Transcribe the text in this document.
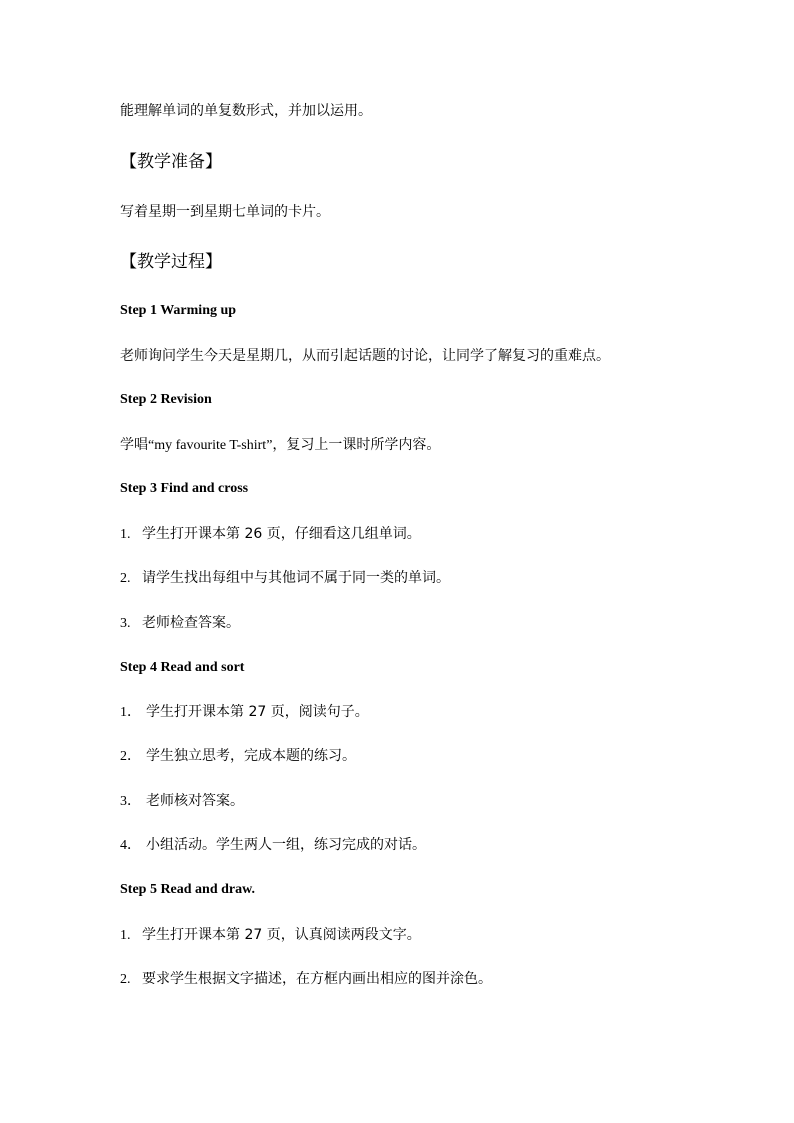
能理解单词的单复数形式，并加以运用。
【教学准备】
写着星期一到星期七单词的卡片。
【教学过程】
Step 1 Warming up
老师询问学生今天是星期几，从而引起话题的讨论，让同学了解复习的重难点。
Step 2 Revision
学唱“my favourite T-shirt”，复习上一课时所学内容。
Step 3 Find and cross
1. 学生打开课本第 26 页，仔细看这几组单词。
2. 请学生找出每组中与其他词不属于同一类的单词。
3. 老师检查答案。
Step 4 Read and sort
1． 学生打开课本第 27 页，阅读句子。
2． 学生独立思考，完成本题的练习。
3． 老师核对答案。
4． 小组活动。学生两人一组，练习完成的对话。
Step 5 Read and draw.
1. 学生打开课本第 27 页，认真阅读两段文字。
2. 要求学生根据文字描述，在方框内画出相应的图并涂色。
